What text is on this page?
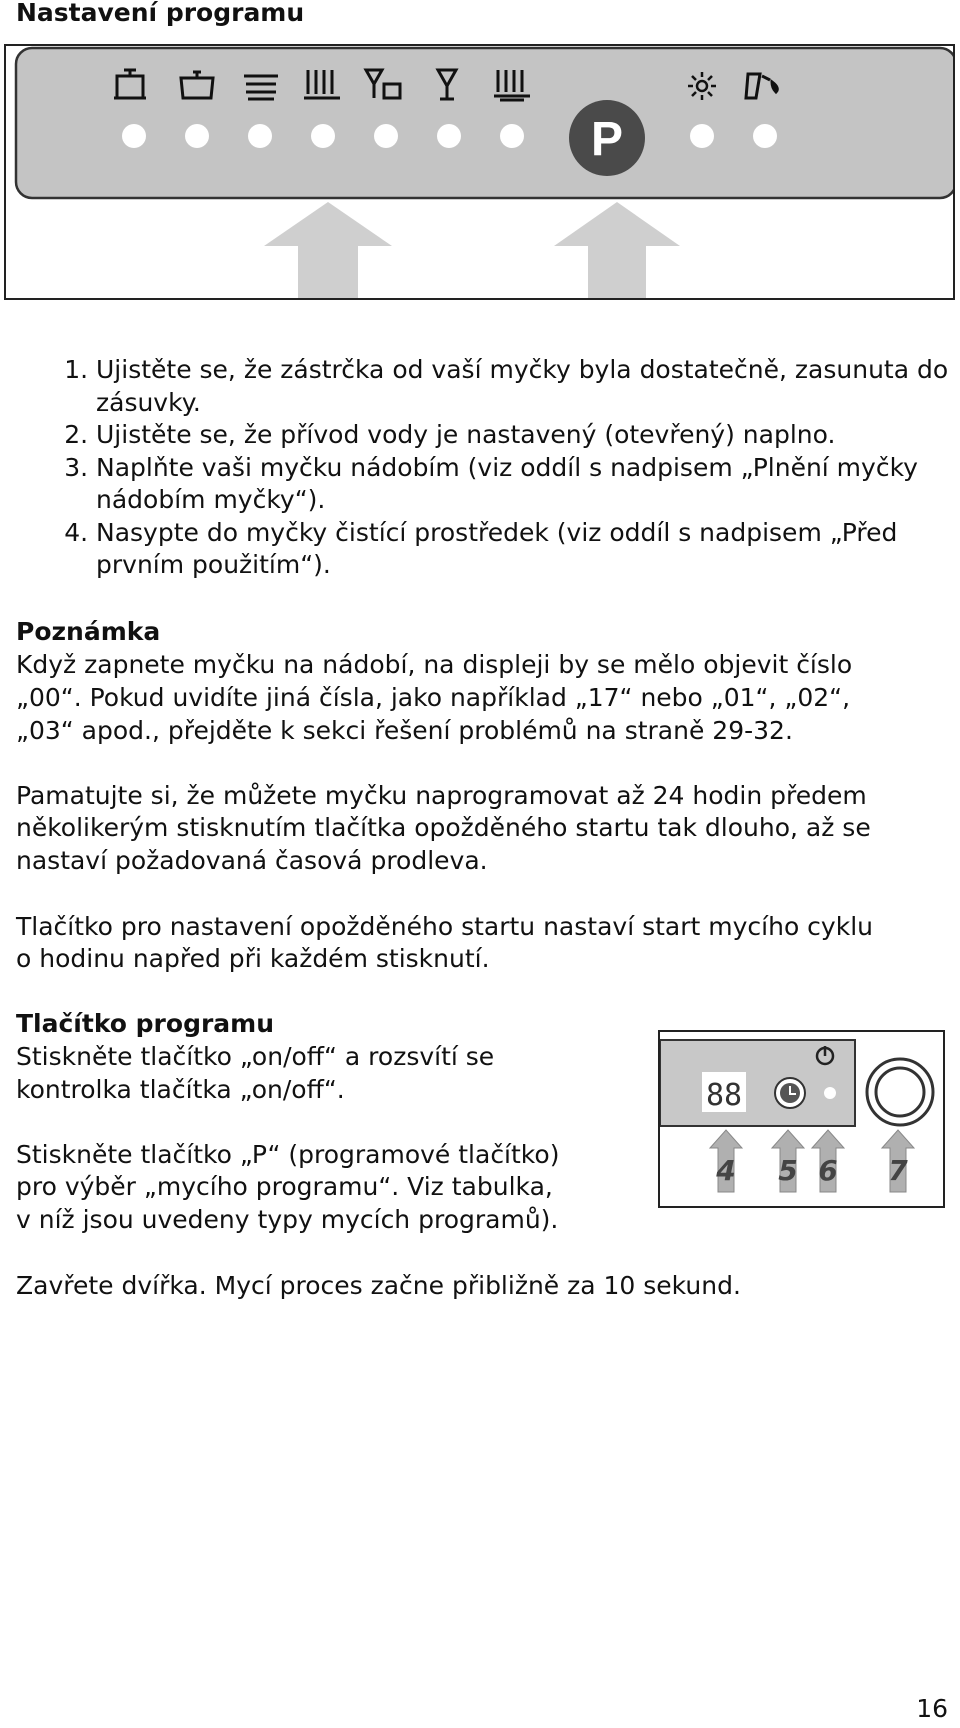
Nastavení programu
P
1. Ujistěte se, že zástrčka od vaší myčky byla dostatečně, zasunuta do zásuvky.
2. Ujistěte se, že přívod vody je nastavený (otevřený) naplno.
3. Naplňte vaši myčku nádobím (viz oddíl s nadpisem „Plnění myčky nádobím myčky“).
4. Nasypte do myčky čistící prostředek (viz oddíl s nadpisem „Před prvním použitím“).
Poznámka
Když zapnete myčku na nádobí, na displeji by se mělo objevit číslo
„00“. Pokud uvidíte jiná čísla, jako například „17“ nebo „01“, „02“,
„03“ apod., přejděte k sekci řešení problémů na straně 29-32.
Pamatujte si, že můžete myčku naprogramovat až 24 hodin předem
několikerým stisknutím tlačítka opožděného startu tak dlouho, až se
nastaví požadovaná časová prodleva.
Tlačítko pro nastavení opožděného startu nastaví start mycího cyklu
o hodinu napřed při každém stisknutí.
Tlačítko programu
Stiskněte tlačítko „on/off“ a rozsvítí se
kontrolka tlačítka „on/off“.
Stiskněte tlačítko „P“ (programové tlačítko)
pro výběr „mycího programu“. Viz tabulka,
v níž jsou uvedeny typy mycích programů).
88
4 5 6 7
Zavřete dvířka. Mycí proces začne přibližně za 10 sekund.
16
